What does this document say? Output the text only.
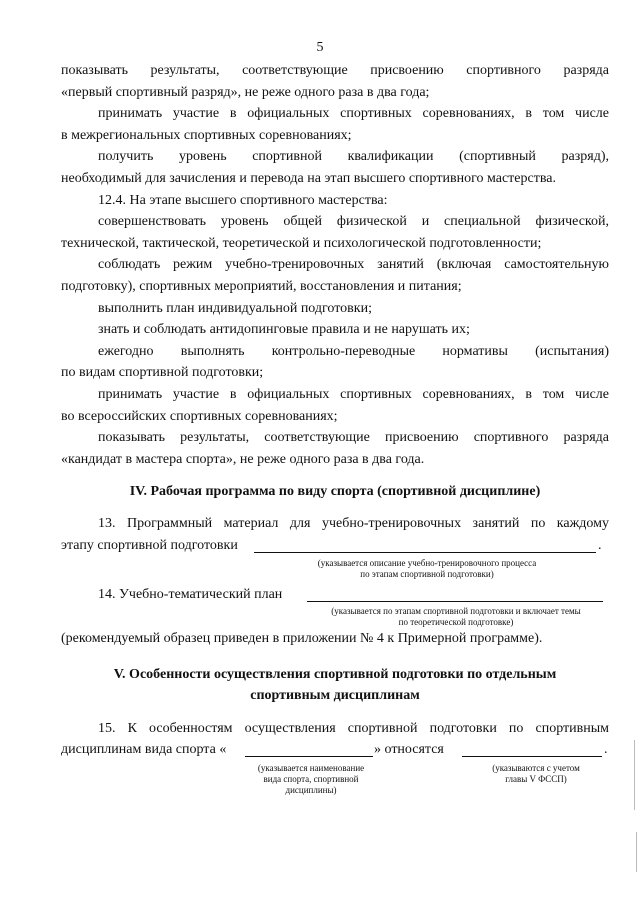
5
показывать результаты, соответствующие присвоению спортивного разряда
«первый спортивный разряд», не реже одного раза в два года;
принимать участие в официальных спортивных соревнованиях, в том числе
в межрегиональных спортивных соревнованиях;
получить уровень спортивной квалификации (спортивный разряд),
необходимый для зачисления и перевода на этап высшего спортивного мастерства.
12.4. На этапе высшего спортивного мастерства:
совершенствовать уровень общей физической и специальной физической,
технической, тактической, теоретической и психологической подготовленности;
соблюдать режим учебно-тренировочных занятий (включая самостоятельную
подготовку), спортивных мероприятий, восстановления и питания;
выполнить план индивидуальной подготовки;
знать и соблюдать антидопинговые правила и не нарушать их;
ежегодно выполнять контрольно-переводные нормативы (испытания)
по видам спортивной подготовки;
принимать участие в официальных спортивных соревнованиях, в том числе
во всероссийских спортивных соревнованиях;
показывать результаты, соответствующие присвоению спортивного разряда
«кандидат в мастера спорта», не реже одного раза в два года.
IV. Рабочая программа по виду спорта (спортивной дисциплине)
13. Программный материал для учебно-тренировочных занятий по каждому
этапу спортивной подготовки	.
(указывается описание учебно-тренировочного процесса
по этапам спортивной подготовки)
14. Учебно-тематический план
(указывается по этапам спортивной подготовки и включает темы
по теоретической подготовке)
(рекомендуемый образец приведен в приложении № 4 к Примерной программе).
V. Особенности осуществления спортивной подготовки по отдельным
спортивным дисциплинам
15. К особенностям осуществления спортивной подготовки по спортивным
дисциплинам вида спорта «	» относятся	.
(указывается наименование
вида спорта, спортивной
дисциплины)
(указываются с учетом
главы V ФССП)
